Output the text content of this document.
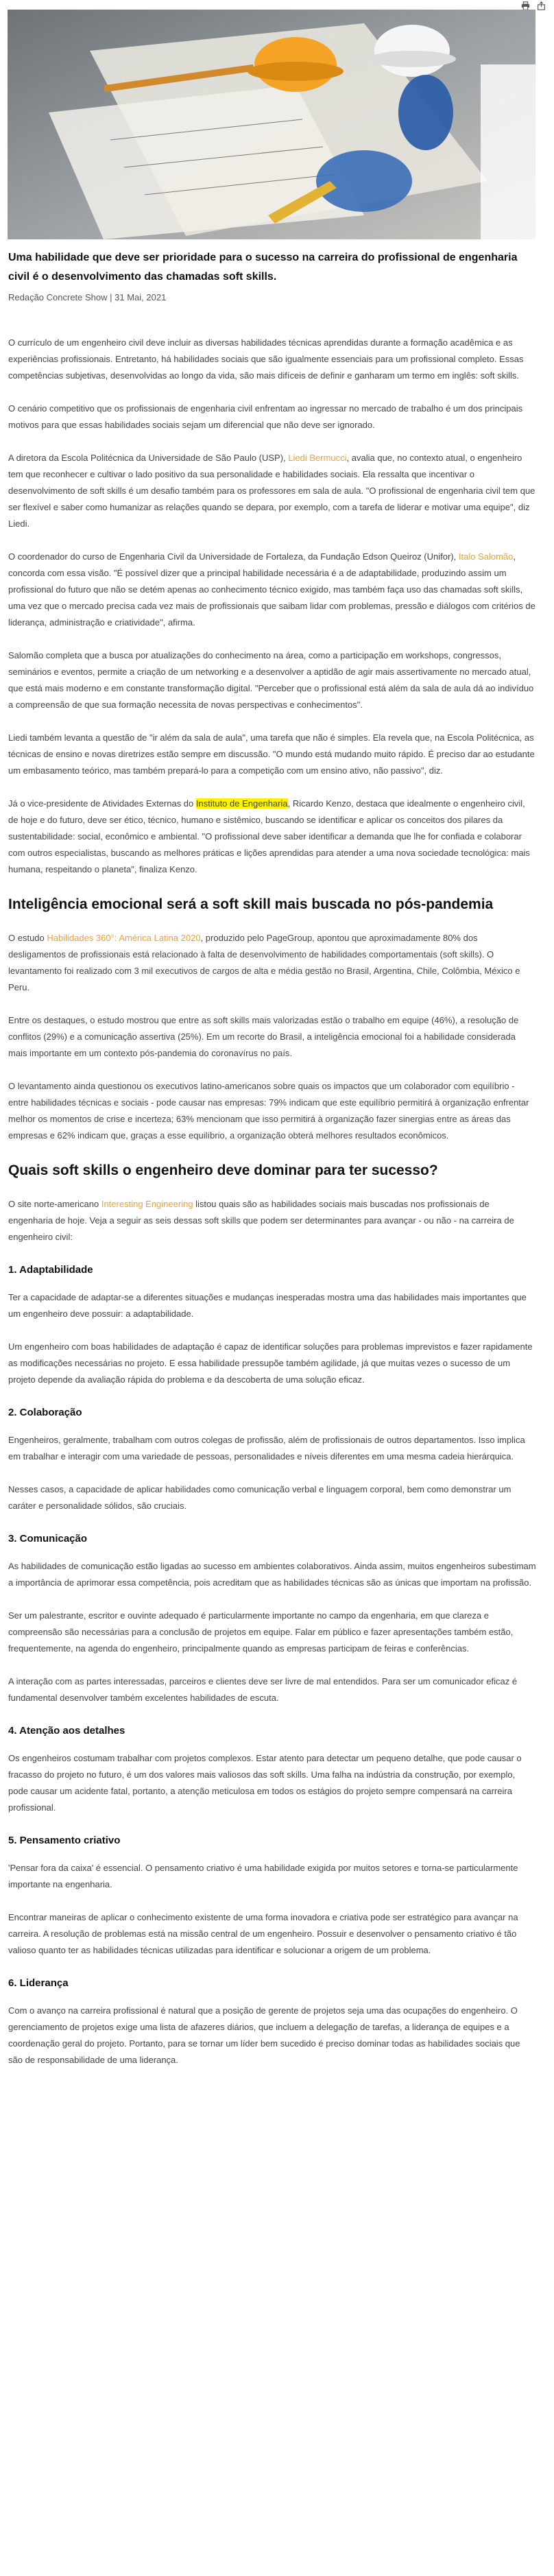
Uma habilidade que deve ser prioridade para o sucesso na carreira do profissional de engenharia civil é o desenvolvimento das chamadas soft skills.
Redação Concrete Show | 31 Mai, 2021

O currículo de um engenheiro civil deve incluir as diversas habilidades técnicas aprendidas durante a formação acadêmica e as experiências profissionais. Entretanto, há habilidades sociais que são igualmente essenciais para um profissional completo. Essas competências subjetivas, desenvolvidas ao longo da vida, são mais difíceis de definir e ganharam um termo em inglês: soft skills.

O cenário competitivo que os profissionais de engenharia civil enfrentam ao ingressar no mercado de trabalho é um dos principais motivos para que essas habilidades sociais sejam um diferencial que não deve ser ignorado.

A diretora da Escola Politécnica da Universidade de São Paulo (USP), Liedi Bermucci, avalia que, no contexto atual, o engenheiro tem que reconhecer e cultivar o lado positivo da sua personalidade e habilidades sociais. Ela ressalta que incentivar o desenvolvimento de soft skills é um desafio também para os professores em sala de aula. "O profissional de engenharia civil tem que ser flexível e saber como humanizar as relações quando se depara, por exemplo, com a tarefa de liderar e motivar uma equipe", diz Liedi.

O coordenador do curso de Engenharia Civil da Universidade de Fortaleza, da Fundação Edson Queiroz (Unifor), Italo Salomão, concorda com essa visão. "É possível dizer que a principal habilidade necessária é a de adaptabilidade, produzindo assim um profissional do futuro que não se detém apenas ao conhecimento técnico exigido, mas também faça uso das chamadas soft skills, uma vez que o mercado precisa cada vez mais de profissionais que saibam lidar com problemas, pressão e diálogos com critérios de liderança, administração e criatividade", afirma.

Salomão completa que a busca por atualizações do conhecimento na área, como a participação em workshops, congressos, seminários e eventos, permite a criação de um networking e a desenvolver a aptidão de agir mais assertivamente no mercado atual, que está mais moderno e em constante transformação digital. "Perceber que o profissional está além da sala de aula dá ao indivíduo a compreensão de que sua formação necessita de novas perspectivas e conhecimentos".

Liedi também levanta a questão de "ir além da sala de aula", uma tarefa que não é simples. Ela revela que, na Escola Politécnica, as técnicas de ensino e novas diretrizes estão sempre em discussão. "O mundo está mudando muito rápido. É preciso dar ao estudante um embasamento teórico, mas também prepará-lo para a competição com um ensino ativo, não passivo", diz.

Já o vice-presidente de Atividades Externas do Instituto de Engenharia, Ricardo Kenzo, destaca que idealmente o engenheiro civil, de hoje e do futuro, deve ser ético, técnico, humano e sistêmico, buscando se identificar e aplicar os conceitos dos pilares da sustentabilidade: social, econômico e ambiental. "O profissional deve saber identificar a demanda que lhe for confiada e colaborar com outros especialistas, buscando as melhores práticas e lições aprendidas para atender a uma nova sociedade tecnológica: mais humana, respeitando o planeta", finaliza Kenzo.

Inteligência emocional será a soft skill mais buscada no pós-pandemia

O estudo Habilidades 360°: América Latina 2020, produzido pelo PageGroup, apontou que aproximadamente 80% dos desligamentos de profissionais está relacionado à falta de desenvolvimento de habilidades comportamentais (soft skills). O levantamento foi realizado com 3 mil executivos de cargos de alta e média gestão no Brasil, Argentina, Chile, Colômbia, México e Peru.

Entre os destaques, o estudo mostrou que entre as soft skills mais valorizadas estão o trabalho em equipe (46%), a resolução de conflitos (29%) e a comunicação assertiva (25%). Em um recorte do Brasil, a inteligência emocional foi a habilidade considerada mais importante em um contexto pós-pandemia do coronavírus no país.

O levantamento ainda questionou os executivos latino-americanos sobre quais os impactos que um colaborador com equilíbrio - entre habilidades técnicas e sociais - pode causar nas empresas: 79% indicam que este equilíbrio permitirá à organização enfrentar melhor os momentos de crise e incerteza; 63% mencionam que isso permitirá à organização fazer sinergias entre as áreas das empresas e 62% indicam que, graças a esse equilíbrio, a organização obterá melhores resultados econômicos.

Quais soft skills o engenheiro deve dominar para ter sucesso?

O site norte-americano Interesting Engineering listou quais são as habilidades sociais mais buscadas nos profissionais de engenharia de hoje. Veja a seguir as seis dessas soft skills que podem ser determinantes para avançar - ou não - na carreira de engenheiro civil:

1. Adaptabilidade

Ter a capacidade de adaptar-se a diferentes situações e mudanças inesperadas mostra uma das habilidades mais importantes que um engenheiro deve possuir: a adaptabilidade.

Um engenheiro com boas habilidades de adaptação é capaz de identificar soluções para problemas imprevistos e fazer rapidamente as modificações necessárias no projeto. E essa habilidade pressupõe também agilidade, já que muitas vezes o sucesso de um projeto depende da avaliação rápida do problema e da descoberta de uma solução eficaz.

2. Colaboração

Engenheiros, geralmente, trabalham com outros colegas de profissão, além de profissionais de outros departamentos. Isso implica em trabalhar e interagir com uma variedade de pessoas, personalidades e níveis diferentes em uma mesma cadeia hierárquica.

Nesses casos, a capacidade de aplicar habilidades como comunicação verbal e linguagem corporal, bem como demonstrar um caráter e personalidade sólidos, são cruciais.

3. Comunicação

As habilidades de comunicação estão ligadas ao sucesso em ambientes colaborativos. Ainda assim, muitos engenheiros subestimam a importância de aprimorar essa competência, pois acreditam que as habilidades técnicas são as únicas que importam na profissão.

Ser um palestrante, escritor e ouvinte adequado é particularmente importante no campo da engenharia, em que clareza e compreensão são necessárias para a conclusão de projetos em equipe. Falar em público e fazer apresentações também estão, frequentemente, na agenda do engenheiro, principalmente quando as empresas participam de feiras e conferências.

A interação com as partes interessadas, parceiros e clientes deve ser livre de mal entendidos. Para ser um comunicador eficaz é fundamental desenvolver também excelentes habilidades de escuta.

4. Atenção aos detalhes

Os engenheiros costumam trabalhar com projetos complexos. Estar atento para detectar um pequeno detalhe, que pode causar o fracasso do projeto no futuro, é um dos valores mais valiosos das soft skills. Uma falha na indústria da construção, por exemplo, pode causar um acidente fatal, portanto, a atenção meticulosa em todos os estágios do projeto sempre compensará na carreira profissional.

5. Pensamento criativo

'Pensar fora da caixa' é essencial. O pensamento criativo é uma habilidade exigida por muitos setores e torna-se particularmente importante na engenharia.

Encontrar maneiras de aplicar o conhecimento existente de uma forma inovadora e criativa pode ser estratégico para avançar na carreira. A resolução de problemas está na missão central de um engenheiro. Possuir e desenvolver o pensamento criativo é tão valioso quanto ter as habilidades técnicas utilizadas para identificar e solucionar a origem de um problema.

6. Liderança

Com o avanço na carreira profissional é natural que a posição de gerente de projetos seja uma das ocupações do engenheiro. O gerenciamento de projetos exige uma lista de afazeres diários, que incluem a delegação de tarefas, a liderança de equipes e a coordenação geral do projeto. Portanto, para se tornar um líder bem sucedido é preciso dominar todas as habilidades sociais que são de responsabilidade de uma liderança.
